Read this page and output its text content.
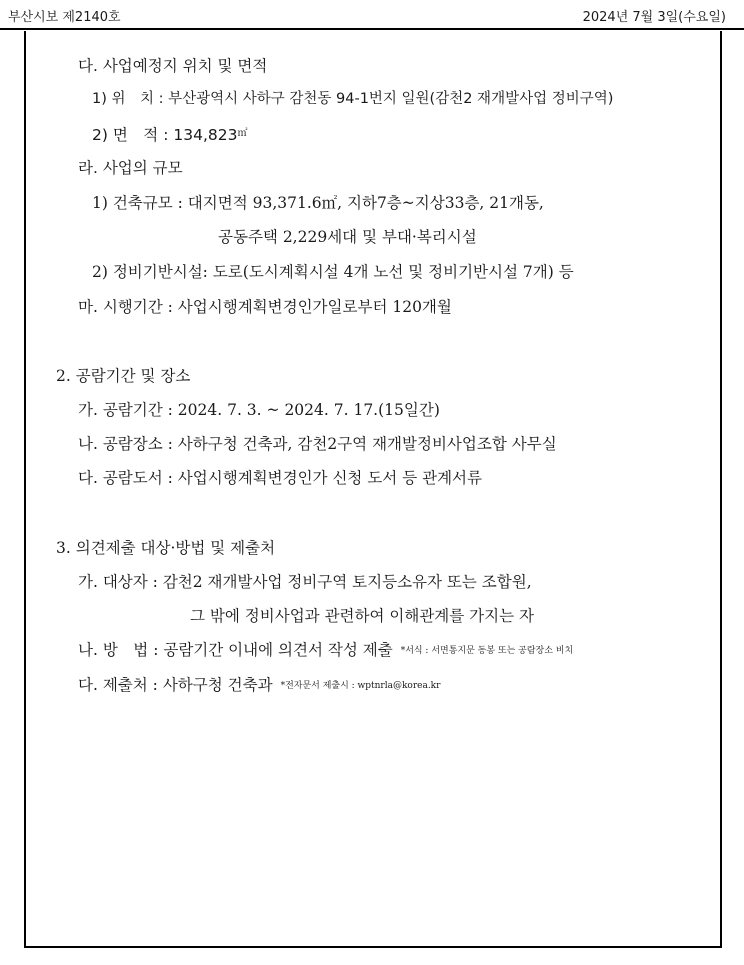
부산시보 제2140호	2024년 7월 3일(수요일)
다. 사업예정지 위치 및 면적
1) 위　치 : 부산광역시 사하구 감천동 94-1번지 일원(감천2 재개발사업 정비구역)
2) 면　적 : 134,823㎡
라. 사업의 규모
1) 건축규모 : 대지면적 93,371.6㎡, 지하7층~지상33층, 21개동,
공동주택 2,229세대 및 부대·복리시설
2) 정비기반시설: 도로(도시계획시설 4개 노선 및 정비기반시설 7개) 등
마. 시행기간 : 사업시행계획변경인가일로부터 120개월
2. 공람기간 및 장소
가. 공람기간 : 2024. 7. 3. ~ 2024. 7. 17.(15일간)
나. 공람장소 : 사하구청 건축과, 감천2구역 재개발정비사업조합 사무실
다. 공람도서 : 사업시행계획변경인가 신청 도서 등 관계서류
3. 의견제출 대상·방법 및 제출처
가. 대상자 : 감천2 재개발사업 정비구역 토지등소유자 또는 조합원,
그 밖에 정비사업과 관련하여 이해관계를 가지는 자
나. 방　법 : 공람기간 이내에 의견서 작성 제출 *서식 : 서면통지문 동봉 또는 공람장소 비치
다. 제출처 : 사하구청 건축과 *전자문서 제출시 : wptnrla@korea.kr
